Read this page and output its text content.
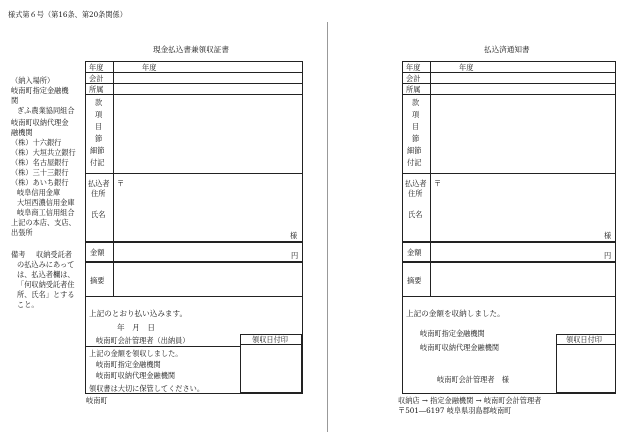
様式第６号（第16条、第20条関係）
現金払込書兼領収証書
年度	年度
会計
所属
款
項
目
節
細節
付記
払込者
住所
〒
氏名
様
金額	円
摘要
上記のとおり払い込みます。
年　月　日
岐南町会計管理者（出納員）	領収日付印
上記の金額を領収しました。
岐南町指定金融機関
岐南町収納代理金融機関
領収書は大切に保管してください。
岐南町
（納入場所）
岐南町指定金融機
関
ぎふ農業協同組合
岐南町収納代理金
融機関
（株）十六銀行
（株）大垣共立銀行
（株）名古屋銀行
（株）三十三銀行
（株）あいち銀行
岐阜信用金庫
大垣西濃信用金庫
岐阜商工信用組合
上記の本店、支店、
出張所
備考 収納受託者
の払込みにあって
は、払込者欄は、
「何収納受託者住
所、氏名」とする
こと。
払込済通知書
年度	年度
会計
所属
款
項
目
節
細節
付記
払込者
住所
〒
氏名
様
金額	円
摘要
上記の金額を収納しました。
岐南町指定金融機関
岐南町収納代理金融機関
領収日付印
岐南町会計管理者　様
収納店 → 指定金融機関 → 岐南町会計管理者
〒501―6197 岐阜県羽島郡岐南町
